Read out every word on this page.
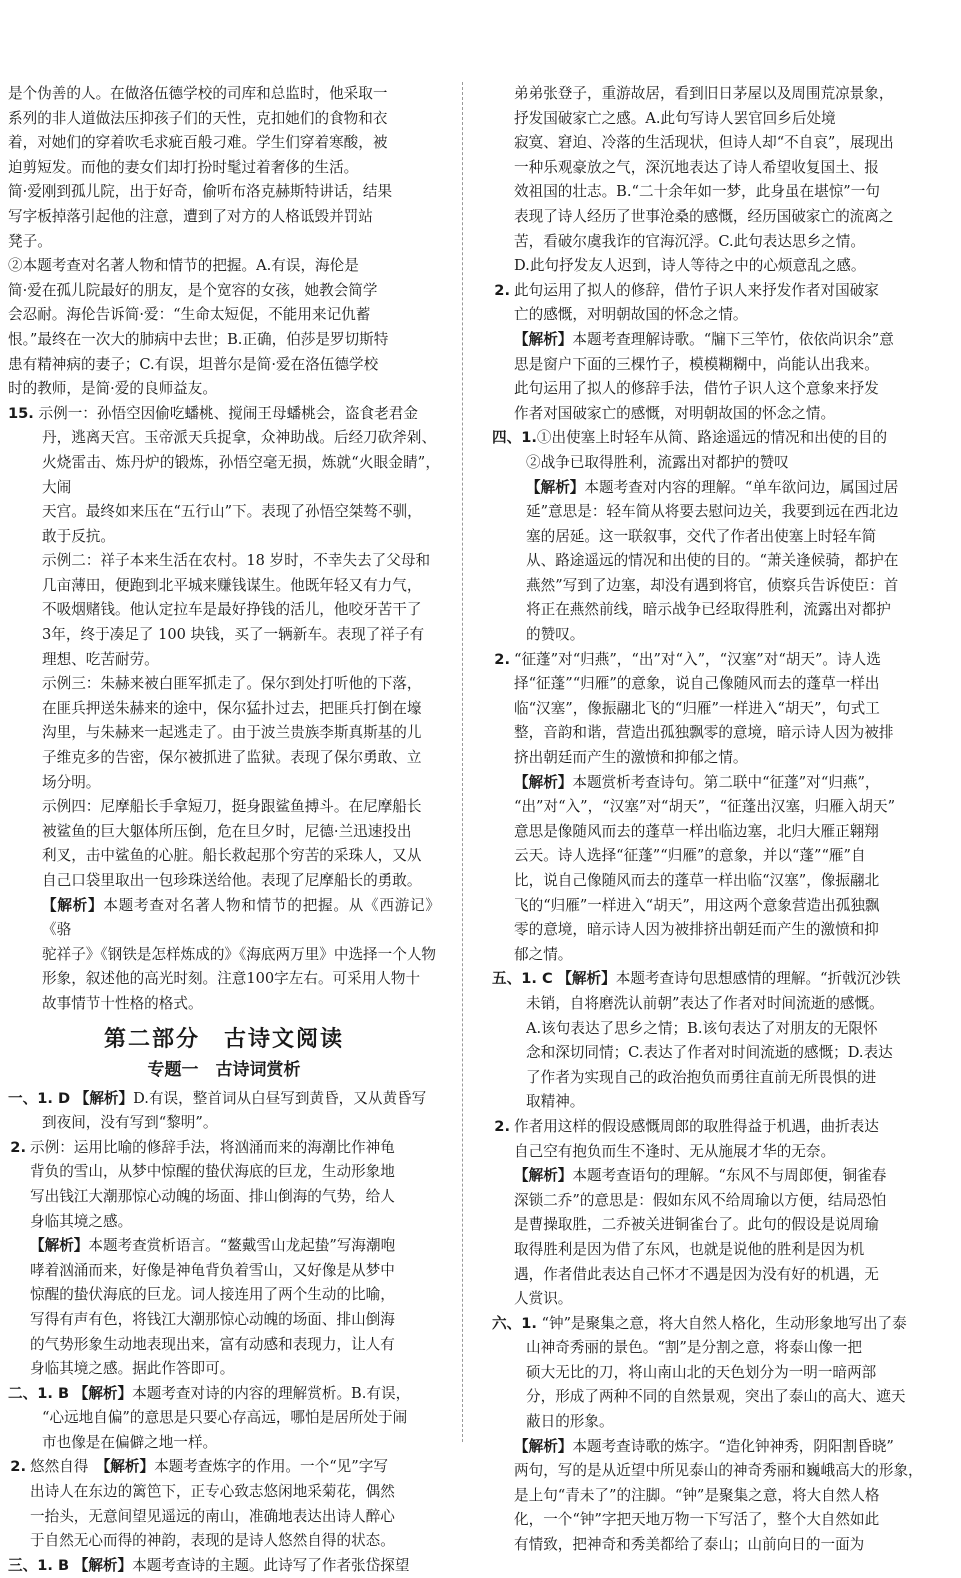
是个伪善的人。在做洛伍德学校的司库和总监时，他采取一
系列的非人道做法压抑孩子们的天性，克扣她们的食物和衣
着，对她们的穿着吹毛求疵百般刁难。学生们穿着寒酸，被
迫剪短发。而他的妻女们却打扮时髦过着奢侈的生活。
简·爱刚到孤儿院，出于好奇，偷听布洛克赫斯特讲话，结果
写字板掉落引起他的注意，遭到了对方的人格诋毁并罚站
凳子。
②本题考查对名著人物和情节的把握。A.有误，海伦是
简·爱在孤儿院最好的朋友，是个宽容的女孩，她教会简学
会忍耐。海伦告诉简·爱：“生命太短促，不能用来记仇蓄
恨。”最终在一次大的肺病中去世；B.正确，伯莎是罗切斯特
患有精神病的妻子；C.有误，坦普尔是简·爱在洛伍德学校
时的教师，是简·爱的良师益友。
15. 示例一：孙悟空因偷吃蟠桃、搅闹王母蟠桃会，盗食老君金
丹，逃离天宫。玉帝派天兵捉拿，众神助战。后经刀砍斧剁、
火烧雷击、炼丹炉的锻炼，孙悟空毫无损，炼就“火眼金睛”，大闹
天宫。最终如来压在“五行山”下。表现了孙悟空桀骜不驯，
敢于反抗。
示例二：祥子本来生活在农村。18 岁时，不幸失去了父母和
几亩薄田，便跑到北平城来赚钱谋生。他既年轻又有力气，
不吸烟赌钱。他认定拉车是最好挣钱的活儿，他咬牙苦干了
3年，终于凑足了 100 块钱，买了一辆新车。表现了祥子有
理想、吃苦耐劳。
示例三：朱赫来被白匪军抓走了。保尔到处打听他的下落，
在匪兵押送朱赫来的途中，保尔猛扑过去，把匪兵打倒在壕
沟里，与朱赫来一起逃走了。由于波兰贵族李斯真斯基的儿
子维克多的告密，保尔被抓进了监狱。表现了保尔勇敢、立
场分明。
示例四：尼摩船长手拿短刀，挺身跟鲨鱼搏斗。在尼摩船长
被鲨鱼的巨大躯体所压倒，危在旦夕时，尼德·兰迅速投出
利叉，击中鲨鱼的心脏。船长救起那个穷苦的采珠人，又从
自己口袋里取出一包珍珠送给他。表现了尼摩船长的勇敢。
【解析】本题考查对名著人物和情节的把握。从《西游记》《骆
驼祥子》《钢铁是怎样炼成的》《海底两万里》中选择一个人物
形象，叙述他的高光时刻。注意100字左右。可采用人物十
故事情节十性格的格式。
第二部分　古诗文阅读
专题一　古诗词赏析
一、1. D 【解析】D.有误，整首词从白昼写到黄昏，又从黄昏写
到夜间，没有写到“黎明”。
2. 示例：运用比喻的修辞手法，将汹涌而来的海潮比作神龟
背负的雪山，从梦中惊醒的蛰伏海底的巨龙，生动形象地
写出钱江大潮那惊心动魄的场面、排山倒海的气势，给人
身临其境之感。
【解析】本题考查赏析语言。“鳌戴雪山龙起蛰”写海潮咆
哮着汹涌而来，好像是神龟背负着雪山，又好像是从梦中
惊醒的蛰伏海底的巨龙。词人接连用了两个生动的比喻，
写得有声有色，将钱江大潮那惊心动魄的场面、排山倒海
的气势形象生动地表现出来，富有动感和表现力，让人有
身临其境之感。据此作答即可。
二、1. B 【解析】本题考查对诗的内容的理解赏析。B.有误，
“心远地自偏”的意思是只要心存高远，哪怕是居所处于闹
市也像是在偏僻之地一样。
2. 悠然自得　 【解析】本题考查炼字的作用。一个“见”字写
出诗人在东边的篱笆下，正专心致志悠闲地采菊花，偶然
一抬头，无意间望见遥远的南山，准确地表达出诗人醉心
于自然无心而得的神韵，表现的是诗人悠然自得的状态。
三、1. B 【解析】本题考查诗的主题。此诗写了作者张岱探望
弟弟张登子，重游故居，看到旧日茅屋以及周围荒凉景象，
抒发国破家亡之感。A.此句写诗人罢官回乡后处境
寂寞、窘迫、冷落的生活现状，但诗人却“不自哀”，展现出
一种乐观豪放之气，深沉地表达了诗人希望收复国土、报
效祖国的壮志。B.“二十余年如一梦，此身虽在堪惊”一句
表现了诗人经历了世事沧桑的感慨，经历国破家亡的流离之
苦，看破尔虞我诈的官海沉浮。C.此句表达思乡之情。
D.此句抒发友人迟到，诗人等待之中的心烦意乱之感。
2. 此句运用了拟人的修辞，借竹子识人来抒发作者对国破家
亡的感慨，对明朝故国的怀念之情。
【解析】本题考查理解诗歌。“牖下三竿竹，依依尚识余”意
思是窗户下面的三棵竹子，模模糊糊中，尚能认出我来。
此句运用了拟人的修辞手法，借竹子识人这个意象来抒发
作者对国破家亡的感慨，对明朝故国的怀念之情。
四、1.①出使塞上时轻车从简、路途遥远的情况和出使的目的
②战争已取得胜利，流露出对都护的赞叹
【解析】本题考查对内容的理解。“单车欲问边，属国过居
延”意思是：轻车简从将要去慰问边关，我要到远在西北边
塞的居延。这一联叙事，交代了作者出使塞上时轻车简
从、路途遥远的情况和出使的目的。“萧关逢候骑，都护在
燕然”写到了边塞，却没有遇到将官，侦察兵告诉使臣：首
将正在燕然前线，暗示战争已经取得胜利，流露出对都护
的赞叹。
2. “征蓬”对“归燕”，“出”对“入”，“汉塞”对“胡天”。诗人选
择“征蓬”“归雁”的意象，说自己像随风而去的蓬草一样出
临“汉塞”，像振翮北飞的“归雁”一样进入“胡天”，句式工
整，音韵和谐，营造出孤独飘零的意境，暗示诗人因为被排
挤出朝廷而产生的激愤和抑郁之情。
【解析】本题赏析考查诗句。第二联中“征蓬”对“归燕”，
“出”对“入”，“汉塞”对“胡天”，“征蓬出汉塞，归雁入胡天”
意思是像随风而去的蓬草一样出临边塞，北归大雁正翱翔
云天。诗人选择“征蓬”“归雁”的意象，并以“蓬”“雁”自
比，说自己像随风而去的蓬草一样出临“汉塞”，像振翮北
飞的“归雁”一样进入“胡天”，用这两个意象营造出孤独飘
零的意境，暗示诗人因为被排挤出朝廷而产生的激愤和抑
郁之情。
五、1. C 【解析】本题考查诗句思想感情的理解。“折戟沉沙铁
未销，自将磨洗认前朝”表达了作者对时间流逝的感慨。
A.该句表达了思乡之情；B.该句表达了对朋友的无限怀
念和深切同情；C.表达了作者对时间流逝的感慨；D.表达
了作者为实现自己的政治抱负而勇往直前无所畏惧的进
取精神。
2. 作者用这样的假设感慨周郎的取胜得益于机遇，曲折表达
自己空有抱负而生不逢时、无从施展才华的无奈。
【解析】本题考查语句的理解。“东风不与周郎便，铜雀春
深锁二乔”的意思是：假如东风不给周瑜以方便，结局恐怕
是曹操取胜，二乔被关进铜雀台了。此句的假设是说周瑜
取得胜利是因为借了东风，也就是说他的胜利是因为机
遇，作者借此表达自己怀才不遇是因为没有好的机遇，无
人赏识。
六、1. “钟”是聚集之意，将大自然人格化，生动形象地写出了泰
山神奇秀丽的景色。“割”是分割之意，将泰山像一把
硕大无比的刀，将山南山北的天色划分为一明一暗两部
分，形成了两种不同的自然景观，突出了泰山的高大、遮天
蔽日的形象。
【解析】本题考查诗歌的炼字。“造化钟神秀，阴阳割昏晓”
两句，写的是从近望中所见泰山的神奇秀丽和巍峨高大的形象，
是上句“青未了”的注脚。“钟”是聚集之意，将大自然人格
化，一个“钟”字把天地万物一下写活了，整个大自然如此
有情致，把神奇和秀美都给了泰山；山前向日的一面为
